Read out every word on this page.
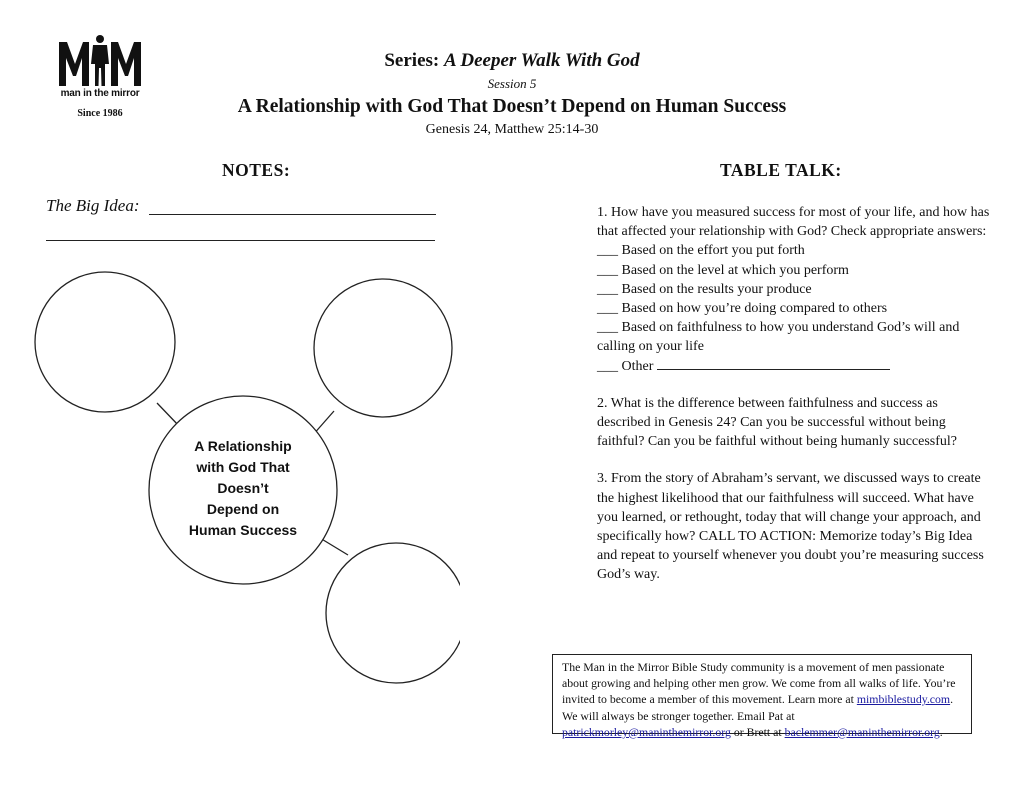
man in the mirror
Since 1986
Series: A Deeper Walk With God
Session 5
A Relationship with God That Doesn’t Depend on Human Success
Genesis 24, Matthew 25:14-30
NOTES:	TABLE TALK:
The Big Idea:
A Relationship
with God That
Doesn’t
Depend on
Human Success

1. How have you measured success for most of your life, and how has that affected your relationship with God? Check appropriate answers:

___ Based on the effort you put forth

___ Based on the level at which you perform

___ Based on the results your produce

___ Based on how you’re doing compared to others

___ Based on faithfulness to how you understand God’s will and calling on your life

___ Other

2. What is the difference between faithfulness and success as described in Genesis 24? Can you be successful without being faithful? Can you be faithful without being humanly successful?

3. From the story of Abraham’s servant, we discussed ways to create the highest likelihood that our faithfulness will succeed. What have you learned, or rethought, today that will change your approach, and specifically how? CALL TO ACTION: Memorize today’s Big Idea and repeat to yourself whenever you doubt you’re measuring success God’s way.

The Man in the Mirror Bible Study community is a movement of men passionate about growing and helping other men grow. We come from all walks of life. You’re invited to become a member of this movement. Learn more at mimbiblestudy.com. We will always be stronger together. Email Pat at patrickmorley@maninthemirror.org or Brett at baclemmer@maninthemirror.org.
